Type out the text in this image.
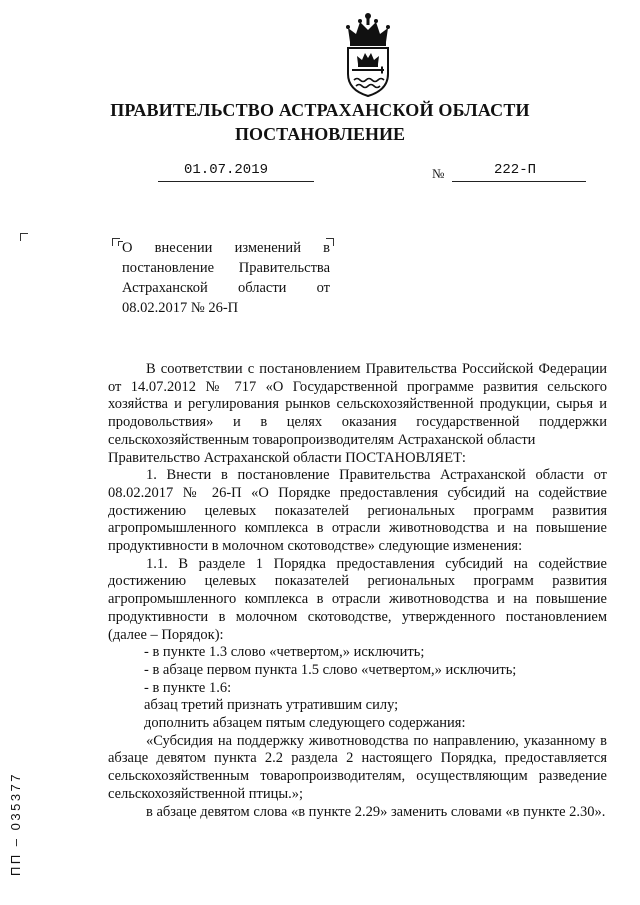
ПРАВИТЕЛЬСТВО АСТРАХАНСКОЙ ОБЛАСТИ
ПОСТАНОВЛЕНИЕ
01.07.2019	№	222-П
О внесении изменений в постановление Правительства Астраханской области от 08.02.2017 № 26-П

В соответствии с постановлением Правительства Российской Федерации от 14.07.2012 № 717 «О Государственной программе развития сельского хозяйства и регулирования рынков сельскохозяйственной продукции, сырья и продовольствия» и в целях оказания государственной поддержки сельскохозяйственным товаропроизводителям Астраханской области

Правительство Астраханской области ПОСТАНОВЛЯЕТ:

1. Внести в постановление Правительства Астраханской области от 08.02.2017 № 26-П «О Порядке предоставления субсидий на содействие достижению целевых показателей региональных программ развития агропромышленного комплекса в отрасли животноводства и на повышение продуктивности в молочном скотоводстве» следующие изменения:

1.1. В разделе 1 Порядка предоставления субсидий на содействие достижению целевых показателей региональных программ развития агропромышленного комплекса в отрасли животноводства и на повышение продуктивности в молочном скотоводстве, утвержденного постановлением (далее – Порядок):

- в пункте 1.3 слово «четвертом,» исключить;

- в абзаце первом пункта 1.5 слово «четвертом,» исключить;

- в пункте 1.6:

абзац третий признать утратившим силу;

дополнить абзацем пятым следующего содержания:

«Субсидия на поддержку животноводства по направлению, указанному в абзаце девятом пункта 2.2 раздела 2 настоящего Порядка, предоставляется сельскохозяйственным товаропроизводителям, осуществляющим разведение сельскохозяйственной птицы.»;

в абзаце девятом слова «в пункте 2.29» заменить словами «в пункте 2.30».

ПП – 035377
